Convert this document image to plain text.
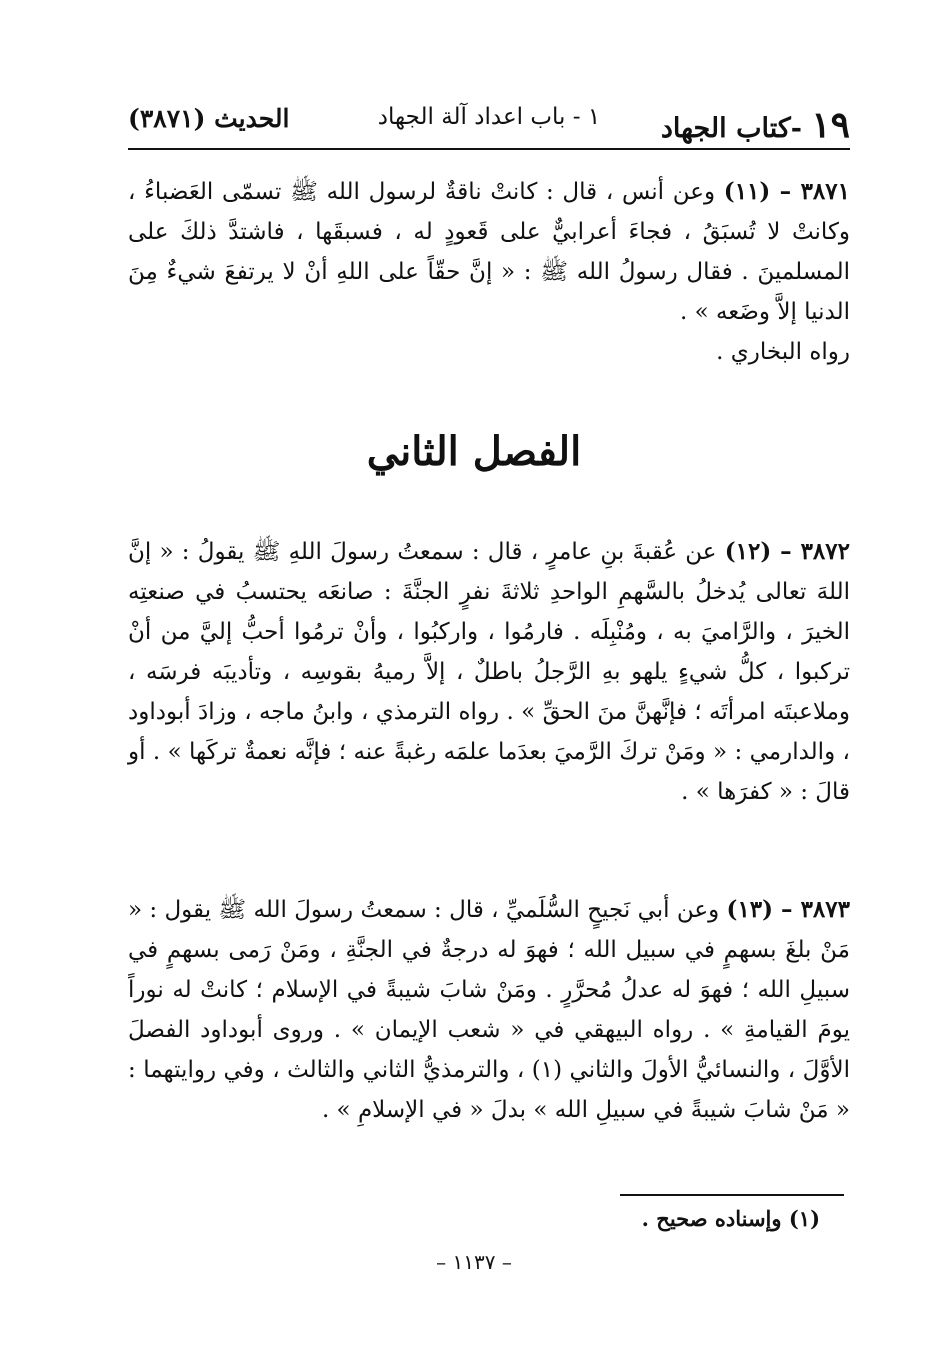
١٩ -كتاب الجهاد
١ - باب اعداد آلة الجهاد
الحديث (٣٨٧١)

٣٨٧١ – (١١) وعن أنس ، قال : كانتْ ناقةٌ لرسول الله ﷺ تسمّى العَضباءُ ، وكانتْ لا تُسبَقُ ، فجاءَ أعرابيٌّ على قَعودٍ له ، فسبقَها ، فاشتدَّ ذلكَ على المسلمينَ . فقال رسولُ الله ﷺ : « إنَّ حقّاً على اللهِ أنْ لا يرتفعَ شيءٌ مِنَ الدنيا إلاَّ وضَعه » .

رواه البخاري .

الفصل الثاني

٣٨٧٢ – (١٢) عن عُقبةَ بنِ عامرٍ ، قال : سمعتُ رسولَ اللهِ ﷺ يقولُ : « إنَّ اللهَ تعالى يُدخلُ بالسَّهمِ الواحدِ ثلاثةَ نفرٍ الجنَّةَ : صانعَه يحتسبُ في صنعتِه الخيرَ ، والرَّاميَ به ، ومُنْبِلَه . فارمُوا ، واركبُوا ، وأنْ ترمُوا أحبُّ إليَّ من أنْ تركبوا ، كلُّ شيءٍ يلهو بهِ الرَّجلُ باطلٌ ، إلاَّ رميهُ بقوسِه ، وتأديبَه فرسَه ، وملاعبتَه امرأتَه ؛ فإنَّهنَّ منَ الحقِّ » . رواه الترمذي ، وابنُ ماجه ، وزادَ أبوداود ، والدارمي : « ومَنْ تركَ الرَّميَ بعدَما علمَه رغبةً عنه ؛ فإنَّه نعمةٌ تركَها » . أو قالَ : « كفرَها » .

٣٨٧٣ – (١٣) وعن أبي نَجيحٍ السُّلَميِّ ، قال : سمعتُ رسولَ الله ﷺ يقول : « مَنْ بلغَ بسهمٍ في سبيل الله ؛ فهوَ له درجةٌ في الجنَّةِ ، ومَنْ رَمى بسهمٍ في سبيلِ الله ؛ فهوَ له عدلُ مُحرَّرٍ . ومَنْ شابَ شيبةً في الإسلام ؛ كانتْ له نوراً يومَ القيامةِ » . رواه البيهقي في « شعب الإيمان » . وروى أبوداود الفصلَ الأوَّلَ ، والنسائيُّ الأولَ والثاني (١) ، والترمذيُّ الثاني والثالث ، وفي روايتهما : « مَنْ شابَ شيبةً في سبيلِ الله » بدلَ « في الإسلامِ » .

(١) وإسناده صحيح .
– ١١٣٧ –
